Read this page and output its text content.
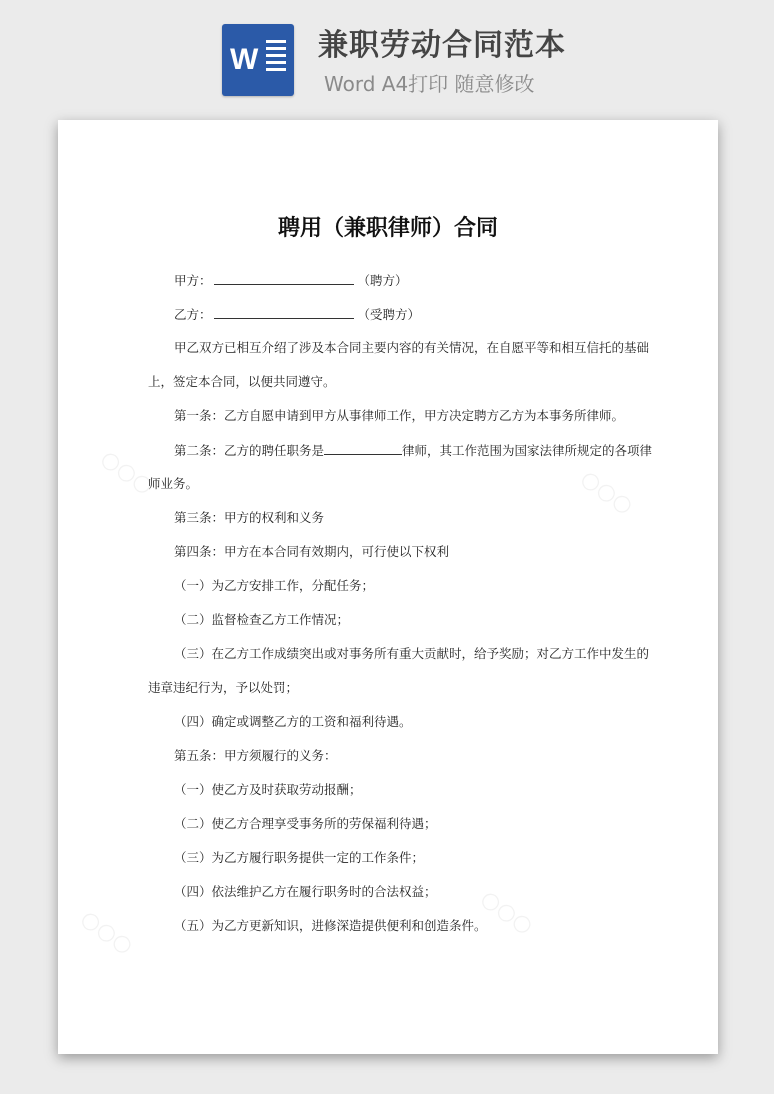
W 兼职劳动合同范本
Word A4打印 随意修改
○○○	○○○
○○○	○○○
聘用（兼职律师）合同
甲方：	（聘方）
乙方：	（受聘方）
甲乙双方已相互介绍了涉及本合同主要内容的有关情况，在自愿平等和相互信托的基础
上，签定本合同，以便共同遵守。
第一条：乙方自愿申请到甲方从事律师工作，甲方决定聘方乙方为本事务所律师。
第二条：乙方的聘任职务是	律师，其工作范围为国家法律所规定的各项律
师业务。
第三条：甲方的权利和义务
第四条：甲方在本合同有效期内，可行使以下权利
（一）为乙方安排工作，分配任务；
（二）监督检查乙方工作情况；
（三）在乙方工作成绩突出或对事务所有重大贡献时，给予奖励；对乙方工作中发生的
违章违纪行为，予以处罚；
（四）确定或调整乙方的工资和福利待遇。
第五条：甲方须履行的义务：
（一）使乙方及时获取劳动报酬；
（二）使乙方合理享受事务所的劳保福利待遇；
（三）为乙方履行职务提供一定的工作条件；
（四）依法维护乙方在履行职务时的合法权益；
（五）为乙方更新知识，进修深造提供便利和创造条件。
